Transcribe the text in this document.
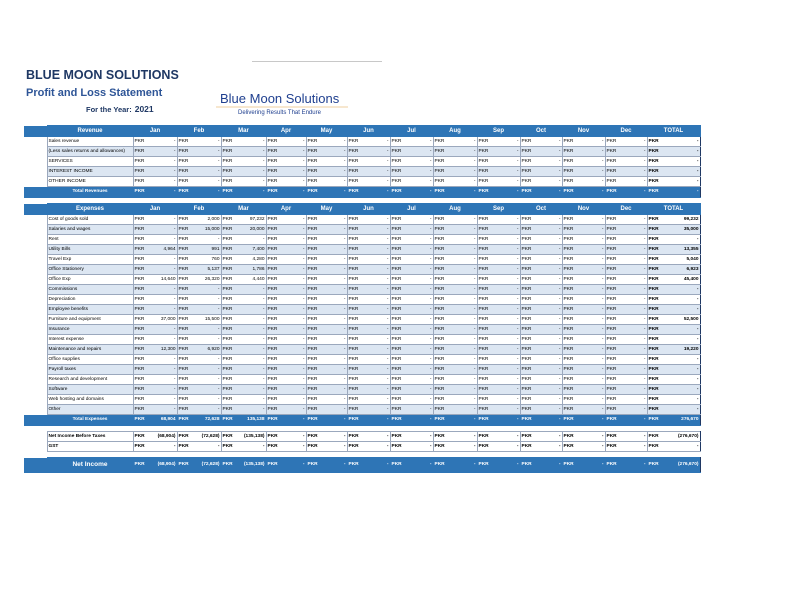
BLUE MOON SOLUTIONS
Profit and Loss Statement
For the Year: 2021
Blue Moon Solutions
Delivering Results That Endure
	Revenue	Jan	Feb	Mar	Apr	May	Jun	Jul	Aug	Sep	Oct	Nov	Dec	TOTAL
	Sales revenue	PKR -	PKR -	PKR -	PKR -	PKR -	PKR -	PKR -	PKR -	PKR -	PKR -	PKR -	PKR -	PKR -

	(Less sales returns and allowances)	PKR -	PKR -	PKR -	PKR -	PKR -	PKR -	PKR -	PKR -	PKR -	PKR -	PKR -	PKR -	PKR -

	SERVICES	PKR -	PKR -	PKR -	PKR -	PKR -	PKR -	PKR -	PKR -	PKR -	PKR -	PKR -	PKR -	PKR -

	INTEREST INCOME	PKR -	PKR -	PKR -	PKR -	PKR -	PKR -	PKR -	PKR -	PKR -	PKR -	PKR -	PKR -	PKR -

	OTHER INCOME	PKR -	PKR -	PKR -	PKR -	PKR -	PKR -	PKR -	PKR -	PKR -	PKR -	PKR -	PKR -	PKR -

	Total Revenues	PKR -	PKR -	PKR -	PKR -	PKR -	PKR -	PKR -	PKR -	PKR -	PKR -	PKR -	PKR -	PKR -

	Expenses	Jan	Feb	Mar	Apr	May	Jun	Jul	Aug	Sep	Oct	Nov	Dec	TOTAL
	Cost of goods sold	PKR -	PKR 2,000	PKR 97,232	PKR -	PKR -	PKR -	PKR -	PKR -	PKR -	PKR -	PKR -	PKR -	PKR 99,232

	Salaries and wages	PKR -	PKR 15,000	PKR 20,000	PKR -	PKR -	PKR -	PKR -	PKR -	PKR -	PKR -	PKR -	PKR -	PKR 35,000

	Rent	PKR -	PKR -	PKR -	PKR -	PKR -	PKR -	PKR -	PKR -	PKR -	PKR -	PKR -	PKR -	PKR -

	Utility Bills	PKR 4,964	PKR 991	PKR 7,400	PKR -	PKR -	PKR -	PKR -	PKR -	PKR -	PKR -	PKR -	PKR -	PKR 13,355

	Travel Exp	PKR -	PKR 760	PKR 4,280	PKR -	PKR -	PKR -	PKR -	PKR -	PKR -	PKR -	PKR -	PKR -	PKR 5,040

	Office Stationery	PKR -	PKR 5,137	PKR 1,786	PKR -	PKR -	PKR -	PKR -	PKR -	PKR -	PKR -	PKR -	PKR -	PKR 6,923

	Office Exp	PKR 14,640	PKR 26,320	PKR 4,440	PKR -	PKR -	PKR -	PKR -	PKR -	PKR -	PKR -	PKR -	PKR -	PKR 45,400

	Commissions	PKR -	PKR -	PKR -	PKR -	PKR -	PKR -	PKR -	PKR -	PKR -	PKR -	PKR -	PKR -	PKR -

	Depreciation	PKR -	PKR -	PKR -	PKR -	PKR -	PKR -	PKR -	PKR -	PKR -	PKR -	PKR -	PKR -	PKR -

	Employee benefits	PKR -	PKR -	PKR -	PKR -	PKR -	PKR -	PKR -	PKR -	PKR -	PKR -	PKR -	PKR -	PKR -

	Furniture and equipment	PKR 37,000	PKR 15,500	PKR -	PKR -	PKR -	PKR -	PKR -	PKR -	PKR -	PKR -	PKR -	PKR -	PKR 52,500

	Insurance	PKR -	PKR -	PKR -	PKR -	PKR -	PKR -	PKR -	PKR -	PKR -	PKR -	PKR -	PKR -	PKR -

	Interest expense	PKR -	PKR -	PKR -	PKR -	PKR -	PKR -	PKR -	PKR -	PKR -	PKR -	PKR -	PKR -	PKR -

	Maintenance and repairs	PKR 12,300	PKR 6,920	PKR -	PKR -	PKR -	PKR -	PKR -	PKR -	PKR -	PKR -	PKR -	PKR -	PKR 19,220

	Office supplies	PKR -	PKR -	PKR -	PKR -	PKR -	PKR -	PKR -	PKR -	PKR -	PKR -	PKR -	PKR -	PKR -

	Payroll taxes	PKR -	PKR -	PKR -	PKR -	PKR -	PKR -	PKR -	PKR -	PKR -	PKR -	PKR -	PKR -	PKR -

	Research and development	PKR -	PKR -	PKR -	PKR -	PKR -	PKR -	PKR -	PKR -	PKR -	PKR -	PKR -	PKR -	PKR -

	Software	PKR -	PKR -	PKR -	PKR -	PKR -	PKR -	PKR -	PKR -	PKR -	PKR -	PKR -	PKR -	PKR -

	Web hosting and domains	PKR -	PKR -	PKR -	PKR -	PKR -	PKR -	PKR -	PKR -	PKR -	PKR -	PKR -	PKR -	PKR -

	Other	PKR -	PKR -	PKR -	PKR -	PKR -	PKR -	PKR -	PKR -	PKR -	PKR -	PKR -	PKR -	PKR -

	Total Expenses	PKR 68,904	PKR 72,628	PKR 135,138	PKR -	PKR -	PKR -	PKR -	PKR -	PKR -	PKR -	PKR -	PKR -	PKR 276,670

	Net Income Before Taxes	PKR (68,904)	PKR (72,628)	PKR (135,138)	PKR -	PKR -	PKR -	PKR -	PKR -	PKR -	PKR -	PKR -	PKR -	PKR (276,670)

	GST	PKR -	PKR -	PKR -	PKR -	PKR -	PKR -	PKR -	PKR -	PKR -	PKR -	PKR -	PKR -	PKR -

	Net Income	PKR (68,904)	PKR (72,628)	PKR (135,138)	PKR -	PKR -	PKR -	PKR -	PKR -	PKR -	PKR -	PKR -	PKR -	PKR (276,670)
